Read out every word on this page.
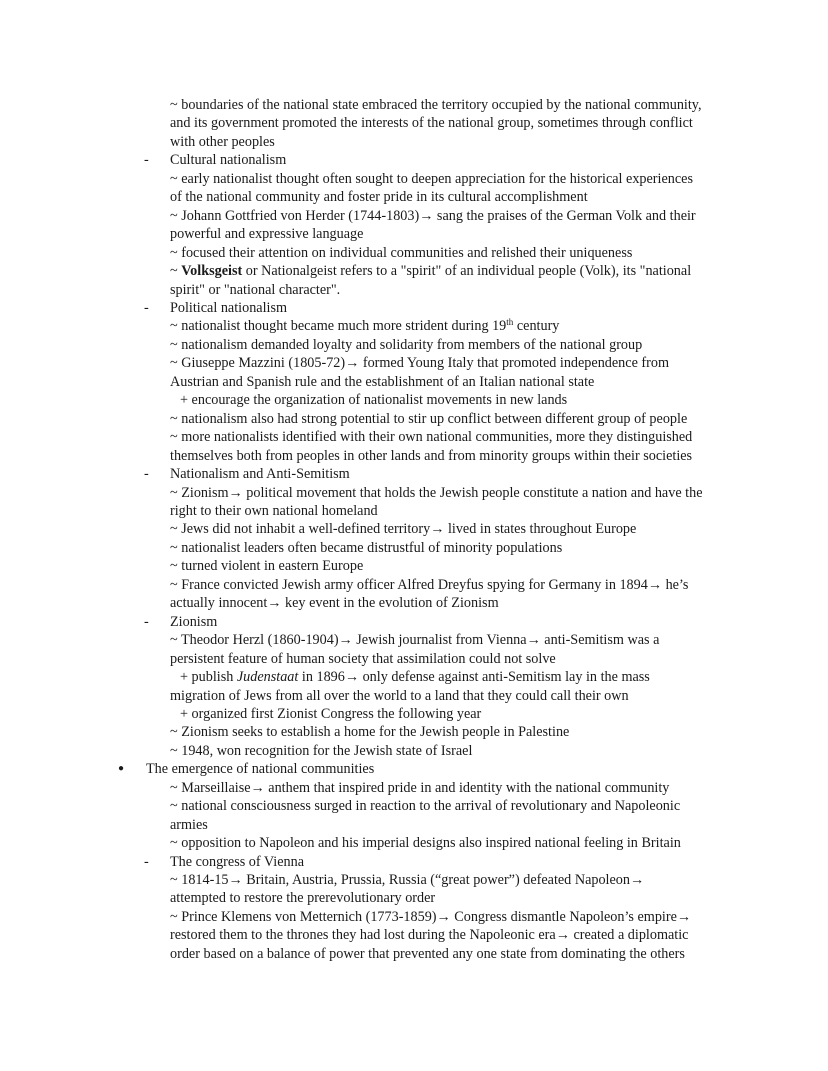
~ boundaries of the national state embraced the territory occupied by the national community,
and its government promoted the interests of the national group, sometimes through conflict
with other peoples
- Cultural nationalism
~ early nationalist thought often sought to deepen appreciation for the historical experiences
of the national community and foster pride in its cultural accomplishment
~ Johann Gottfried von Herder (1744-1803)→ sang the praises of the German Volk and their
powerful and expressive language
~ focused their attention on individual communities and relished their uniqueness
~ Volksgeist or Nationalgeist refers to a "spirit" of an individual people (Volk), its "national
spirit" or "national character".
- Political nationalism
~ nationalist thought became much more strident during 19th century
~ nationalism demanded loyalty and solidarity from members of the national group
~ Giuseppe Mazzini (1805-72)→ formed Young Italy that promoted independence from
Austrian and Spanish rule and the establishment of an Italian national state
+ encourage the organization of nationalist movements in new lands
~ nationalism also had strong potential to stir up conflict between different group of people
~ more nationalists identified with their own national communities, more they distinguished
themselves both from peoples in other lands and from minority groups within their societies
- Nationalism and Anti-Semitism
~ Zionism→ political movement that holds the Jewish people constitute a nation and have the
right to their own national homeland
~ Jews did not inhabit a well-defined territory→ lived in states throughout Europe
~ nationalist leaders often became distrustful of minority populations
~ turned violent in eastern Europe
~ France convicted Jewish army officer Alfred Dreyfus spying for Germany in 1894→ he’s
actually innocent→ key event in the evolution of Zionism
- Zionism
~ Theodor Herzl (1860-1904)→ Jewish journalist from Vienna→ anti-Semitism was a
persistent feature of human society that assimilation could not solve
+ publish Judenstaat in 1896→ only defense against anti-Semitism lay in the mass
migration of Jews from all over the world to a land that they could call their own
+ organized first Zionist Congress the following year
~ Zionism seeks to establish a home for the Jewish people in Palestine
~ 1948, won recognition for the Jewish state of Israel
● The emergence of national communities
~ Marseillaise→ anthem that inspired pride in and identity with the national community
~ national consciousness surged in reaction to the arrival of revolutionary and Napoleonic
armies
~ opposition to Napoleon and his imperial designs also inspired national feeling in Britain
- The congress of Vienna
~ 1814-15→ Britain, Austria, Prussia, Russia (“great power”) defeated Napoleon→
attempted to restore the prerevolutionary order
~ Prince Klemens von Metternich (1773-1859)→ Congress dismantle Napoleon’s empire→
restored them to the thrones they had lost during the Napoleonic era→ created a diplomatic
order based on a balance of power that prevented any one state from dominating the others
